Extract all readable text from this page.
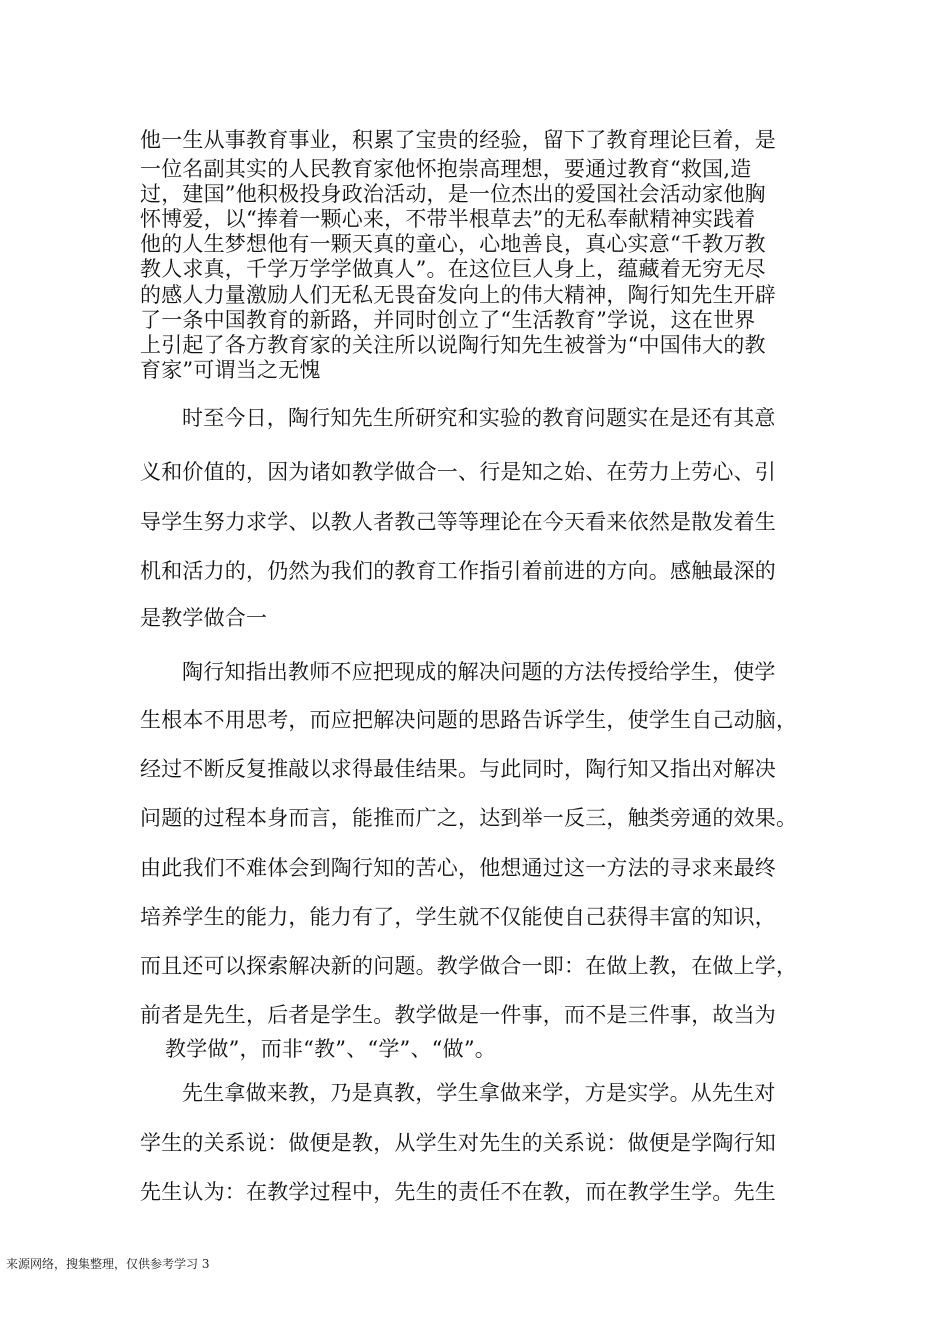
他一生从事教育事业，积累了宝贵的经验，留下了教育理论巨着，是
一位名副其实的人民教育家他怀抱崇高理想，要通过教育“救国,造
过，建国”他积极投身政治活动，是一位杰出的爱国社会活动家他胸
怀博爱，以“捧着一颗心来，不带半根草去”的无私奉献精神实践着
他的人生梦想他有一颗天真的童心，心地善良，真心实意“千教万教
教人求真，千学万学学做真人”。在这位巨人身上，蕴藏着无穷无尽
的感人力量激励人们无私无畏奋发向上的伟大精神，陶行知先生开辟
了一条中国教育的新路，并同时创立了“生活教育”学说，这在世界
上引起了各方教育家的关注所以说陶行知先生被誉为“中国伟大的教
育家”可谓当之无愧
时至今日，陶行知先生所研究和实验的教育问题实在是还有其意
义和价值的，因为诸如教学做合一、行是知之始、在劳力上劳心、引
导学生努力求学、以教人者教己等等理论在今天看来依然是散发着生
机和活力的，仍然为我们的教育工作指引着前进的方向。感触最深的
是教学做合一
陶行知指出教师不应把现成的解决问题的方法传授给学生，使学
生根本不用思考，而应把解决问题的思路告诉学生，使学生自己动脑，
经过不断反复推敲以求得最佳结果。与此同时，陶行知又指出对解决
问题的过程本身而言，能推而广之，达到举一反三，触类旁通的效果。
由此我们不难体会到陶行知的苦心，他想通过这一方法的寻求来最终
培养学生的能力，能力有了，学生就不仅能使自己获得丰富的知识，
而且还可以探索解决新的问题。教学做合一即：在做上教，在做上学，
前者是先生，后者是学生。教学做是一件事，而不是三件事，故当为
教学做”，而非“教”、“学”、“做”。
先生拿做来教，乃是真教，学生拿做来学，方是实学。从先生对
学生的关系说：做便是教，从学生对先生的关系说：做便是学陶行知
先生认为：在教学过程中，先生的责任不在教，而在教学生学。先生
来源网络，搜集整理，仅供参考学习 3
